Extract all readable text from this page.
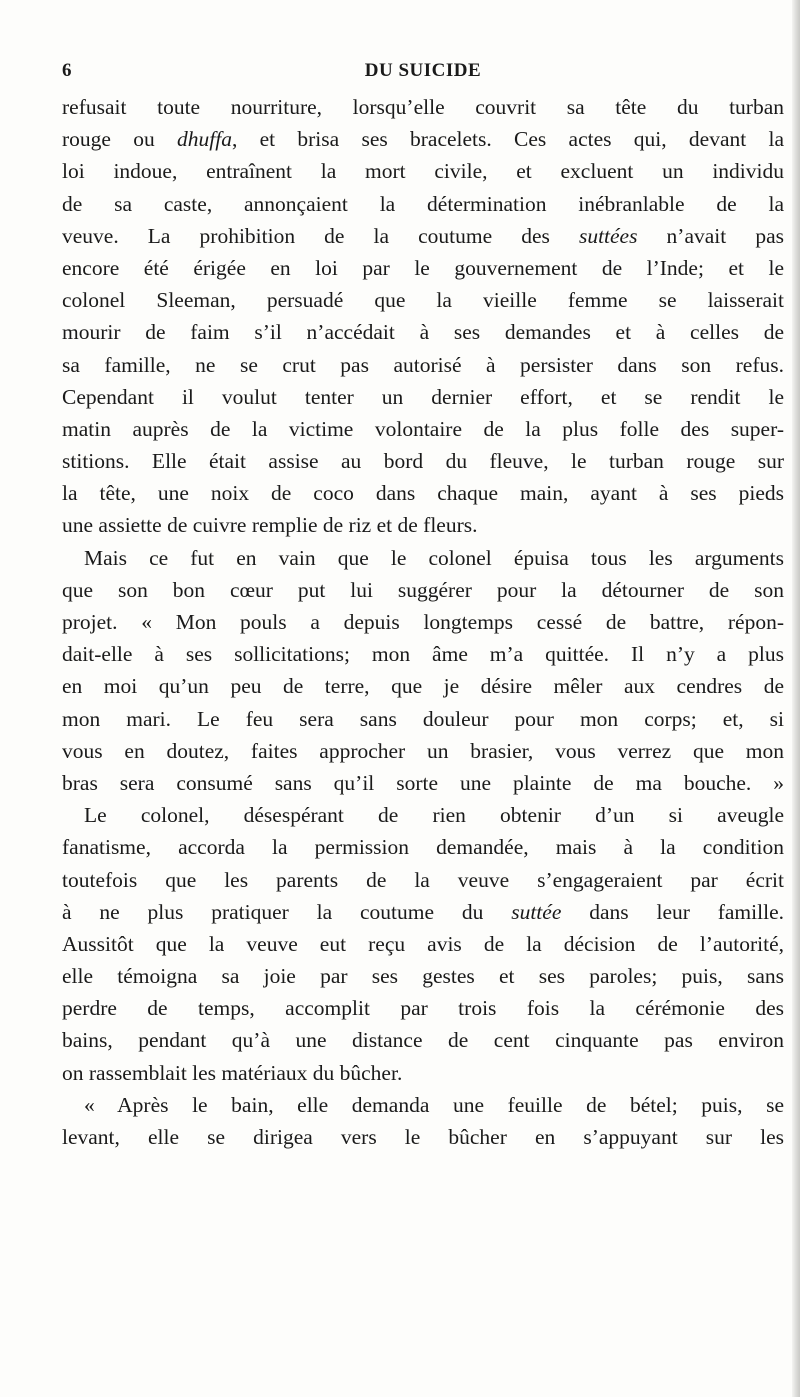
6	DU SUICIDE
refusait toute nourriture, lorsqu’elle couvrit sa tête du turban
rouge ou dhuffa, et brisa ses bracelets. Ces actes qui, devant la
loi indoue, entraînent la mort civile, et excluent un individu
de sa caste, annonçaient la détermination inébranlable de la
veuve. La prohibition de la coutume des suttées n’avait pas
encore été érigée en loi par le gouvernement de l’Inde; et le
colonel Sleeman, persuadé que la vieille femme se laisserait
mourir de faim s’il n’accédait à ses demandes et à celles de
sa famille, ne se crut pas autorisé à persister dans son refus.
Cependant il voulut tenter un dernier effort, et se rendit le
matin auprès de la victime volontaire de la plus folle des super-
stitions. Elle était assise au bord du fleuve, le turban rouge sur
la tête, une noix de coco dans chaque main, ayant à ses pieds
une assiette de cuivre remplie de riz et de fleurs.
Mais ce fut en vain que le colonel épuisa tous les arguments
que son bon cœur put lui suggérer pour la détourner de son
projet. « Mon pouls a depuis longtemps cessé de battre, répon-
dait-elle à ses sollicitations; mon âme m’a quittée. Il n’y a plus
en moi qu’un peu de terre, que je désire mêler aux cendres de
mon mari. Le feu sera sans douleur pour mon corps; et, si
vous en doutez, faites approcher un brasier, vous verrez que mon
bras sera consumé sans qu’il sorte une plainte de ma bouche. »
Le colonel, désespérant de rien obtenir d’un si aveugle
fanatisme, accorda la permission demandée, mais à la condition
toutefois que les parents de la veuve s’engageraient par écrit
à ne plus pratiquer la coutume du suttée dans leur famille.
Aussitôt que la veuve eut reçu avis de la décision de l’autorité,
elle témoigna sa joie par ses gestes et ses paroles; puis, sans
perdre de temps, accomplit par trois fois la cérémonie des
bains, pendant qu’à une distance de cent cinquante pas environ
on rassemblait les matériaux du bûcher.
« Après le bain, elle demanda une feuille de bétel; puis, se
levant, elle se dirigea vers le bûcher en s’appuyant sur les
